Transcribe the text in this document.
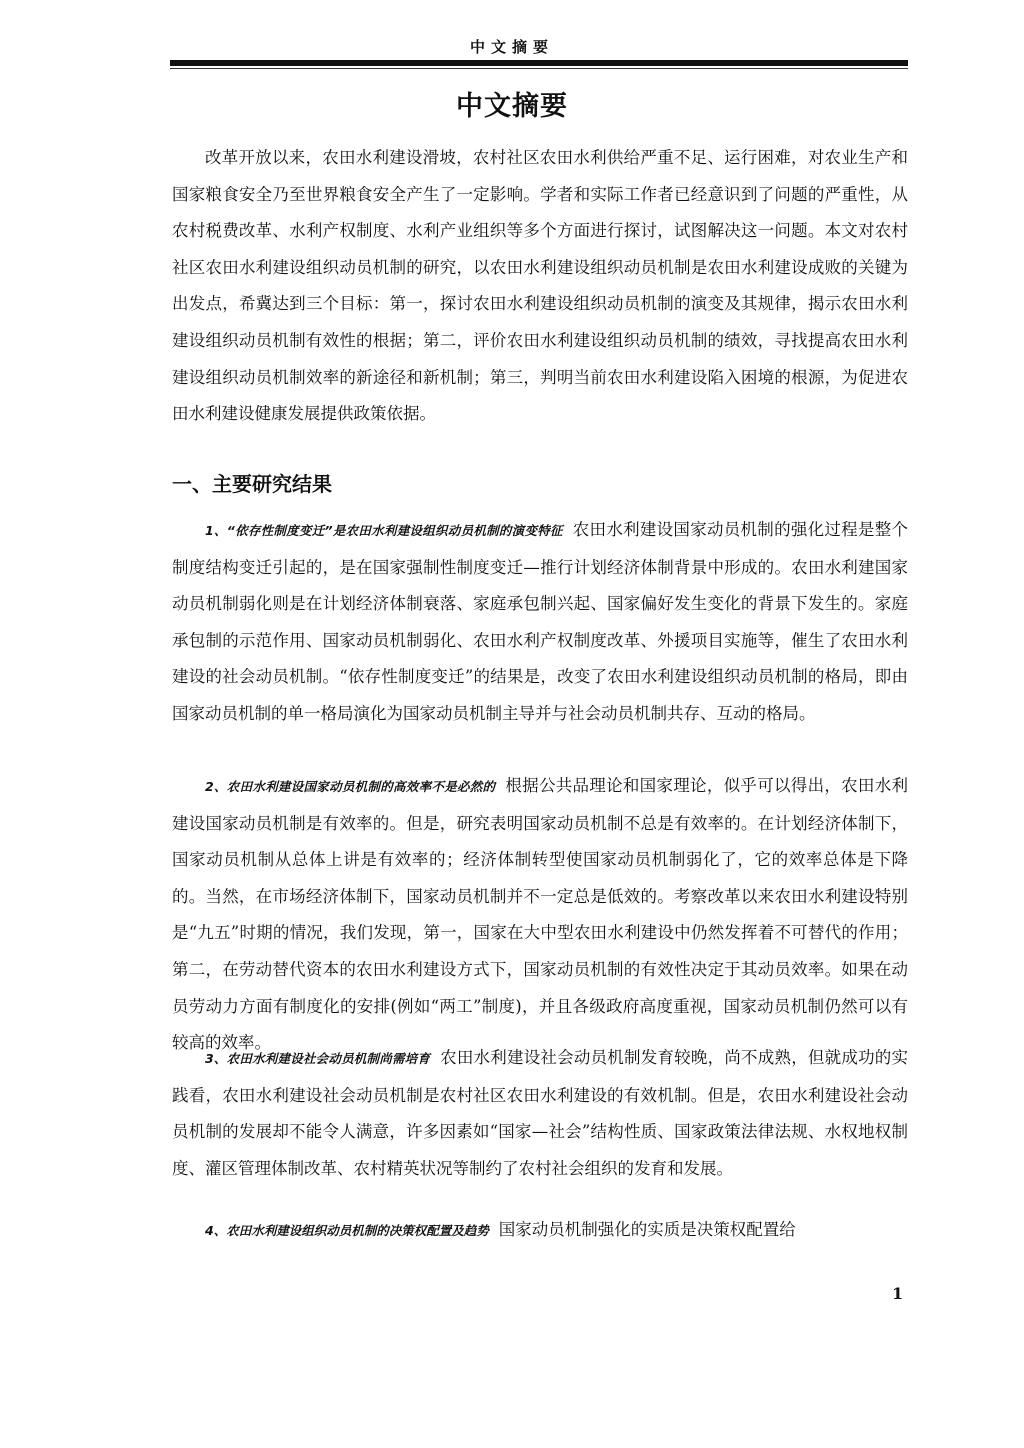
中文摘要
中文摘要

改革开放以来，农田水利建设滑坡，农村社区农田水利供给严重不足、运行困难，对农业生产和国家粮食安全乃至世界粮食安全产生了一定影响。学者和实际工作者已经意识到了问题的严重性，从农村税费改革、水利产权制度、水利产业组织等多个方面进行探讨，试图解决这一问题。本文对农村社区农田水利建设组织动员机制的研究，以农田水利建设组织动员机制是农田水利建设成败的关键为出发点，希冀达到三个目标：第一，探讨农田水利建设组织动员机制的演变及其规律，揭示农田水利建设组织动员机制有效性的根据；第二，评价农田水利建设组织动员机制的绩效，寻找提高农田水利建设组织动员机制效率的新途径和新机制；第三，判明当前农田水利建设陷入困境的根源，为促进农田水利建设健康发展提供政策依据。

一、主要研究结果

1、“依存性制度变迁”是农田水利建设组织动员机制的演变特征 农田水利建设国家动员机制的强化过程是整个制度结构变迁引起的，是在国家强制性制度变迁—推行计划经济体制背景中形成的。农田水利建国家动员机制弱化则是在计划经济体制衰落、家庭承包制兴起、国家偏好发生变化的背景下发生的。家庭承包制的示范作用、国家动员机制弱化、农田水利产权制度改革、外援项目实施等，催生了农田水利建设的社会动员机制。“依存性制度变迁”的结果是，改变了农田水利建设组织动员机制的格局，即由国家动员机制的单一格局演化为国家动员机制主导并与社会动员机制共存、互动的格局。

2、农田水利建设国家动员机制的高效率不是必然的 根据公共品理论和国家理论，似乎可以得出，农田水利建设国家动员机制是有效率的。但是，研究表明国家动员机制不总是有效率的。在计划经济体制下，国家动员机制从总体上讲是有效率的；经济体制转型使国家动员机制弱化了，它的效率总体是下降的。当然，在市场经济体制下，国家动员机制并不一定总是低效的。考察改革以来农田水利建设特别是“九五”时期的情况，我们发现，第一，国家在大中型农田水利建设中仍然发挥着不可替代的作用；第二，在劳动替代资本的农田水利建设方式下，国家动员机制的有效性决定于其动员效率。如果在动员劳动力方面有制度化的安排(例如“两工”制度)，并且各级政府高度重视，国家动员机制仍然可以有较高的效率。

3、农田水利建设社会动员机制尚需培育 农田水利建设社会动员机制发育较晚，尚不成熟，但就成功的实践看，农田水利建设社会动员机制是农村社区农田水利建设的有效机制。但是，农田水利建设社会动员机制的发展却不能令人满意，许多因素如“国家—社会”结构性质、国家政策法律法规、水权地权制度、灌区管理体制改革、农村精英状况等制约了农村社会组织的发育和发展。

4、农田水利建设组织动员机制的决策权配置及趋势 国家动员机制强化的实质是决策权配置给

1
